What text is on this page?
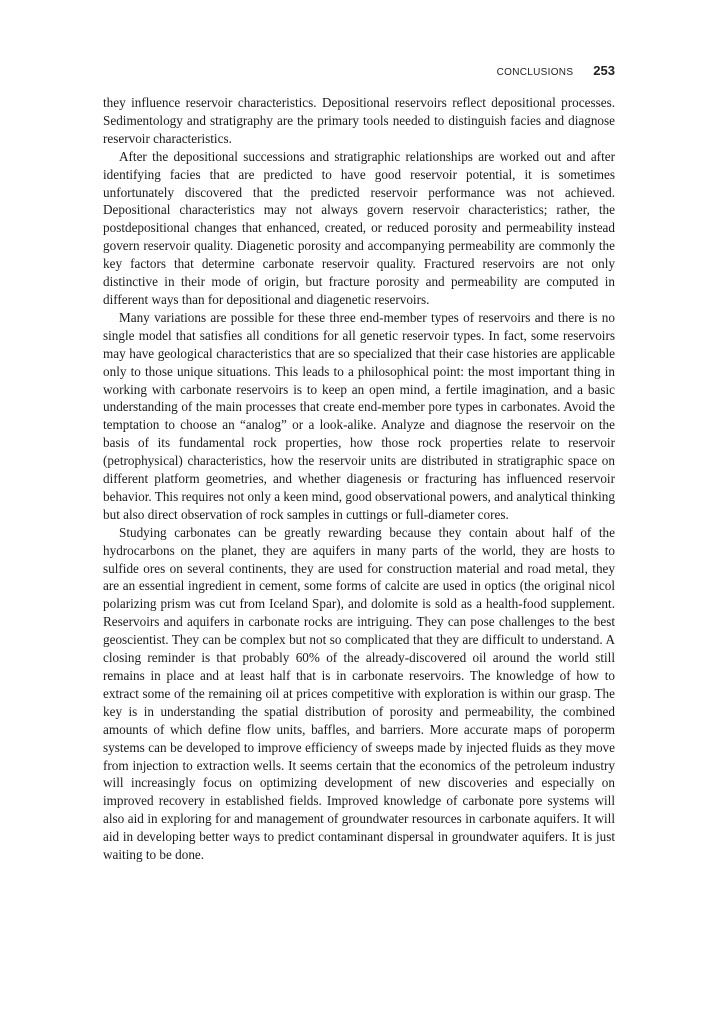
CONCLUSIONS 253

they influence reservoir characteristics. Depositional reservoirs reflect depositional processes. Sedimentology and stratigraphy are the primary tools needed to distinguish facies and diagnose reservoir characteristics.

After the depositional successions and stratigraphic relationships are worked out and after identifying facies that are predicted to have good reservoir potential, it is sometimes unfortunately discovered that the predicted reservoir performance was not achieved. Depositional characteristics may not always govern reservoir characteristics; rather, the postdepositional changes that enhanced, created, or reduced porosity and permeability instead govern reservoir quality. Diagenetic porosity and accompanying permeability are commonly the key factors that determine carbonate reservoir quality. Fractured reservoirs are not only distinctive in their mode of origin, but fracture porosity and permeability are computed in different ways than for depositional and diagenetic reservoirs.

Many variations are possible for these three end-member types of reservoirs and there is no single model that satisfies all conditions for all genetic reservoir types. In fact, some reservoirs may have geological characteristics that are so specialized that their case histories are applicable only to those unique situations. This leads to a philosophical point: the most important thing in working with carbonate reservoirs is to keep an open mind, a fertile imagination, and a basic understanding of the main processes that create end-member pore types in carbonates. Avoid the temptation to choose an “analog” or a look-alike. Analyze and diagnose the reservoir on the basis of its fundamental rock properties, how those rock properties relate to reservoir (petrophysical) characteristics, how the reservoir units are distributed in stratigraphic space on different platform geometries, and whether diagenesis or fracturing has influenced reservoir behavior. This requires not only a keen mind, good observational powers, and analytical thinking but also direct observation of rock samples in cuttings or full-diameter cores.

Studying carbonates can be greatly rewarding because they contain about half of the hydrocarbons on the planet, they are aquifers in many parts of the world, they are hosts to sulfide ores on several continents, they are used for construction material and road metal, they are an essential ingredient in cement, some forms of calcite are used in optics (the original nicol polarizing prism was cut from Iceland Spar), and dolomite is sold as a health-food supplement. Reservoirs and aquifers in carbonate rocks are intriguing. They can pose challenges to the best geoscientist. They can be complex but not so complicated that they are difficult to understand. A closing reminder is that probably 60% of the already-discovered oil around the world still remains in place and at least half that is in carbonate reservoirs. The knowledge of how to extract some of the remaining oil at prices competitive with exploration is within our grasp. The key is in understanding the spatial distribution of porosity and permeability, the combined amounts of which define flow units, baffles, and barriers. More accurate maps of poroperm systems can be developed to improve efficiency of sweeps made by injected fluids as they move from injection to extraction wells. It seems certain that the economics of the petroleum industry will increasingly focus on optimizing development of new discoveries and especially on improved recovery in established fields. Improved knowledge of carbonate pore systems will also aid in exploring for and management of groundwater resources in carbonate aquifers. It will aid in developing better ways to predict contaminant dispersal in groundwater aquifers. It is just waiting to be done.
